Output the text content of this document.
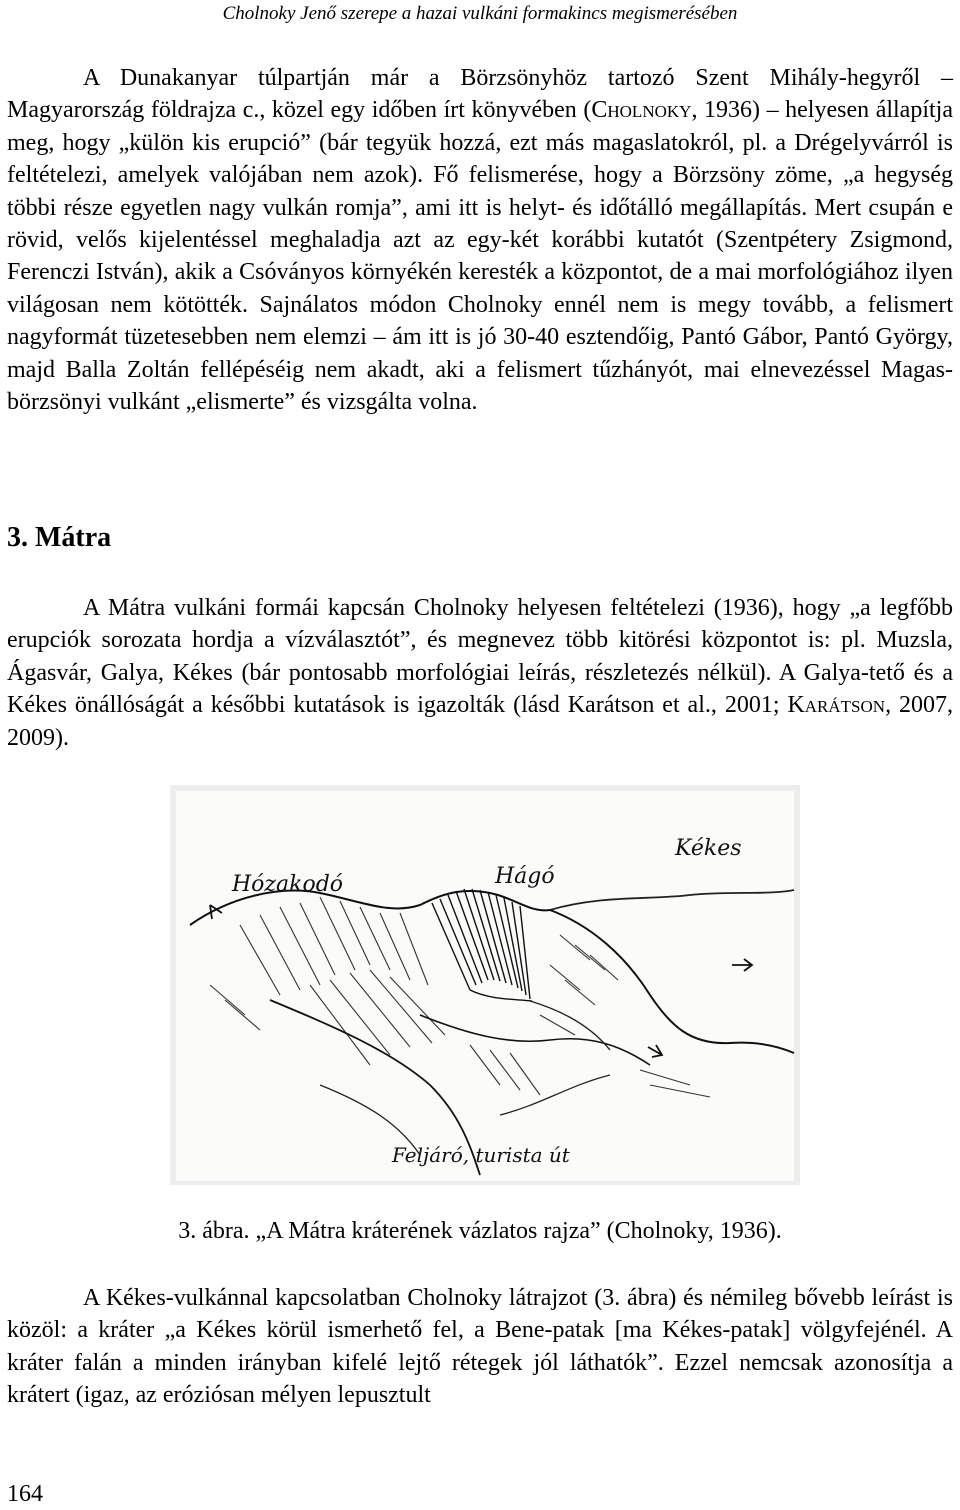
Cholnoky Jenő szerepe a hazai vulkáni formakincs megismerésében

A Dunakanyar túlpartján már a Börzsönyhöz tartozó Szent Mihály-hegyről – Magyarország földrajza c., közel egy időben írt könyvében (Cholnoky, 1936) – helyesen állapítja meg, hogy „külön kis erupció” (bár tegyük hozzá, ezt más magaslatokról, pl. a Drégelyvárról is feltételezi, amelyek valójában nem azok). Fő felismerése, hogy a Börzsöny zöme, „a hegység többi része egyetlen nagy vulkán romja”, ami itt is helyt- és időtálló megállapítás. Mert csupán e rövid, velős kijelentéssel meghaladja azt az egy-két korábbi kutatót (Szentpétery Zsigmond, Ferenczi István), akik a Csóványos környékén keresték a központot, de a mai morfológiához ilyen világosan nem kötötték. Sajnálatos módon Cholnoky ennél nem is megy tovább, a felismert nagyformát tüzetesebben nem elemzi – ám itt is jó 30-40 esztendőig, Pantó Gábor, Pantó György, majd Balla Zoltán fellépéséig nem akadt, aki a felismert tűzhányót, mai elnevezéssel Magas-börzsönyi vulkánt „elismerte” és vizsgálta volna.

3. Mátra

A Mátra vulkáni formái kapcsán Cholnoky helyesen feltételezi (1936), hogy „a legfőbb erupciók sorozata hordja a vízválasztót”, és megnevez több kitörési központot is: pl. Muzsla, Ágasvár, Galya, Kékes (bár pontosabb morfológiai leírás, részletezés nélkül). A Galya-tető és a Kékes önállóságát a későbbi kutatások is igazolták (lásd Karátson et al., 2001; Karátson, 2007, 2009).

Hózakodó	Hágó
Kékes
Feljáró, turista út
3. ábra. „A Mátra kráterének vázlatos rajza” (Cholnoky, 1936).

A Kékes-vulkánnal kapcsolatban Cholnoky látrajzot (3. ábra) és némileg bővebb leírást is közöl: a kráter „a Kékes körül ismerhető fel, a Bene-patak [ma Kékes-patak] völgyfejénél. A kráter falán a minden irányban kifelé lejtő rétegek jól láthatók”. Ezzel nemcsak azonosítja a krátert (igaz, az eróziósan mélyen lepusztult

164
